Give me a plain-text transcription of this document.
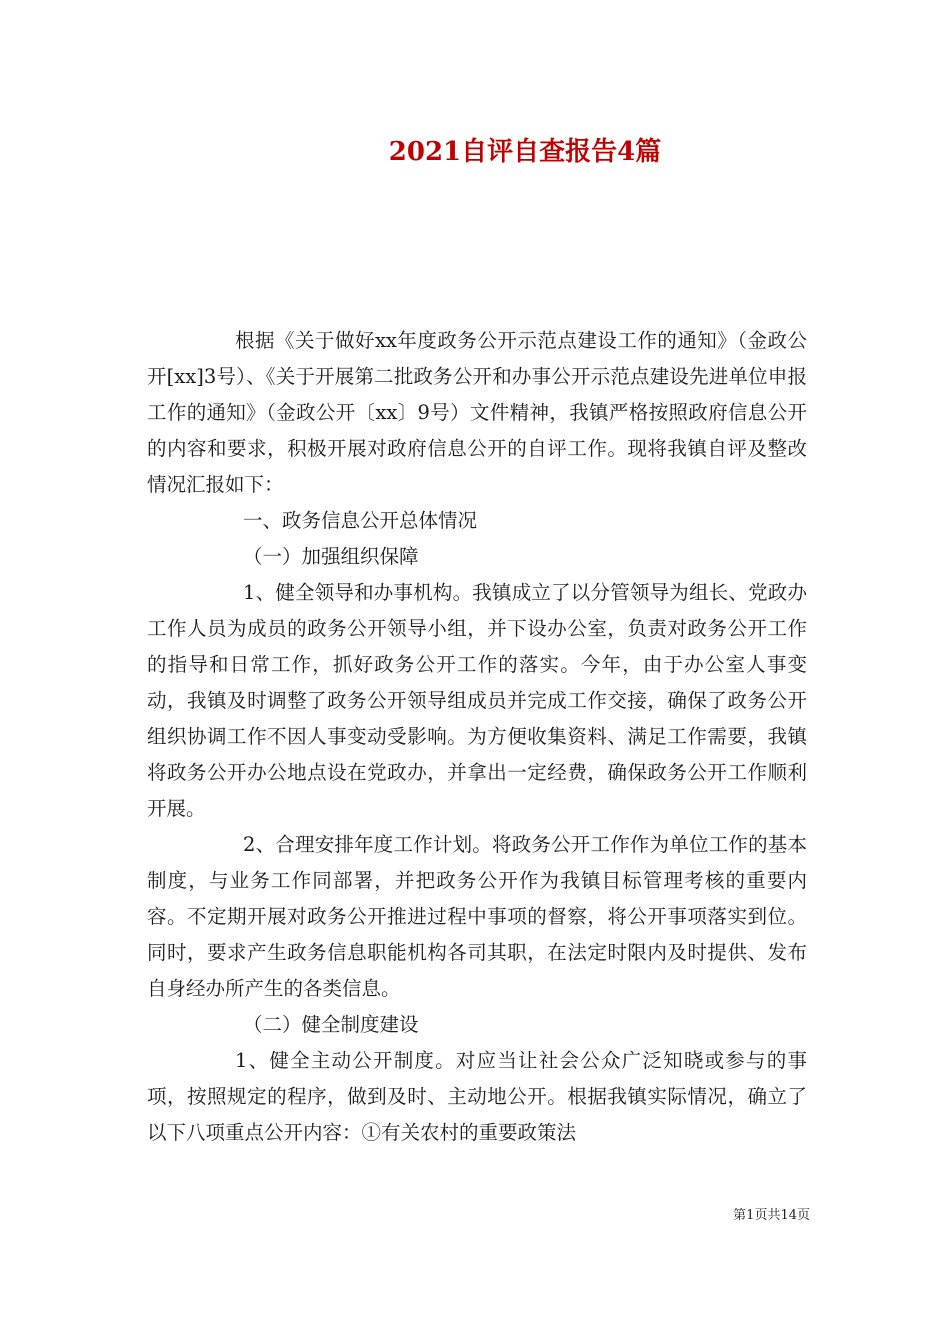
2021自评自查报告4篇

根据《关于做好xx年度政务公开示范点建设工作的通知》（金政公开[xx]3号）、《关于开展第二批政务公开和办事公开示范点建设先进单位申报工作的通知》（金政公开〔xx〕9号）文件精神，我镇严格按照政府信息公开的内容和要求，积极开展对政府信息公开的自评工作。现将我镇自评及整改情况汇报如下：

一、政务信息公开总体情况

（一）加强组织保障

1、健全领导和办事机构。我镇成立了以分管领导为组长、党政办工作人员为成员的政务公开领导小组，并下设办公室，负责对政务公开工作的指导和日常工作，抓好政务公开工作的落实。今年，由于办公室人事变动，我镇及时调整了政务公开领导组成员并完成工作交接，确保了政务公开组织协调工作不因人事变动受影响。为方便收集资料、满足工作需要，我镇将政务公开办公地点设在党政办，并拿出一定经费，确保政务公开工作顺利开展。

2、合理安排年度工作计划。将政务公开工作作为单位工作的基本制度，与业务工作同部署，并把政务公开作为我镇目标管理考核的重要内容。不定期开展对政务公开推进过程中事项的督察，将公开事项落实到位。同时，要求产生政务信息职能机构各司其职，在法定时限内及时提供、发布自身经办所产生的各类信息。

（二）健全制度建设

1、健全主动公开制度。对应当让社会公众广泛知晓或参与的事项，按照规定的程序，做到及时、主动地公开。根据我镇实际情况，确立了以下八项重点公开内容：①有关农村的重要政策法

第1页共14页
